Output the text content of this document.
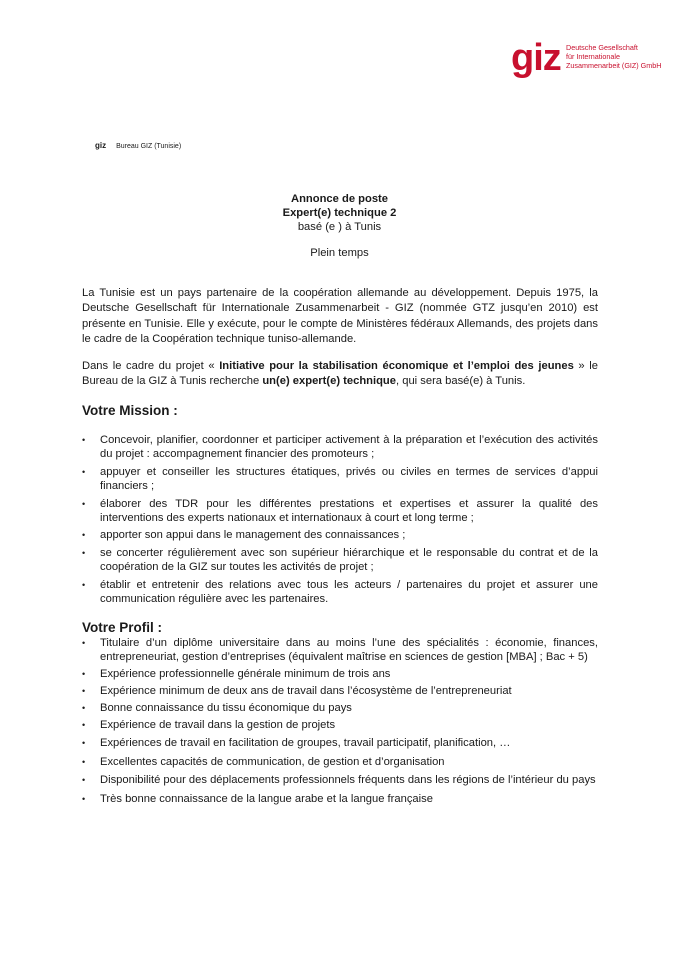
giz Deutsche Gesellschaft
für Internationale
Zusammenarbeit (GIZ) GmbH
giz Bureau GIZ (Tunisie)
Annonce de poste
Expert(e) technique 2
basé (e ) à Tunis
Plein temps
La Tunisie est un pays partenaire de la coopération allemande au développement. Depuis 1975, la Deutsche Gesellschaft für Internationale Zusammenarbeit - GIZ (nommée GTZ jusqu’en 2010) est présente en Tunisie. Elle y exécute, pour le compte de Ministères fédéraux Allemands, des projets dans le cadre de la Coopération technique tuniso-allemande.
Dans le cadre du projet « Initiative pour la stabilisation économique et l’emploi des jeunes » le Bureau de la GIZ à Tunis recherche un(e) expert(e) technique, qui sera basé(e) à Tunis.
Votre Mission :
• Concevoir, planifier, coordonner et participer activement à la préparation et l’exécution des activités du projet : accompagnement financier des promoteurs ;
• appuyer et conseiller les structures étatiques, privés ou civiles en termes de services d’appui financiers ;
• élaborer des TDR pour les différentes prestations et expertises et assurer la qualité des interventions des experts nationaux et internationaux à court et long terme ;
• apporter son appui dans le management des connaissances ;
• se concerter régulièrement avec son supérieur hiérarchique et le responsable du contrat et de la coopération de la GIZ sur toutes les activités de projet ;
• établir et entretenir des relations avec tous les acteurs / partenaires du projet et assurer une communication régulière avec les partenaires.
Votre Profil :
• Titulaire d’un diplôme universitaire dans au moins l’une des spécialités : économie, finances, entrepreneuriat, gestion d’entreprises (équivalent maîtrise en sciences de gestion [MBA] ; Bac + 5)
• Expérience professionnelle générale minimum de trois ans
• Expérience minimum de deux ans de travail dans l’écosystème de l’entrepreneuriat
• Bonne connaissance du tissu économique du pays
• Expérience de travail dans la gestion de projets
• Expériences de travail en facilitation de groupes, travail participatif, planification, …
• Excellentes capacités de communication, de gestion et d’organisation
• Disponibilité pour des déplacements professionnels fréquents dans les régions de l’intérieur du pays
• Très bonne connaissance de la langue arabe et la langue française
